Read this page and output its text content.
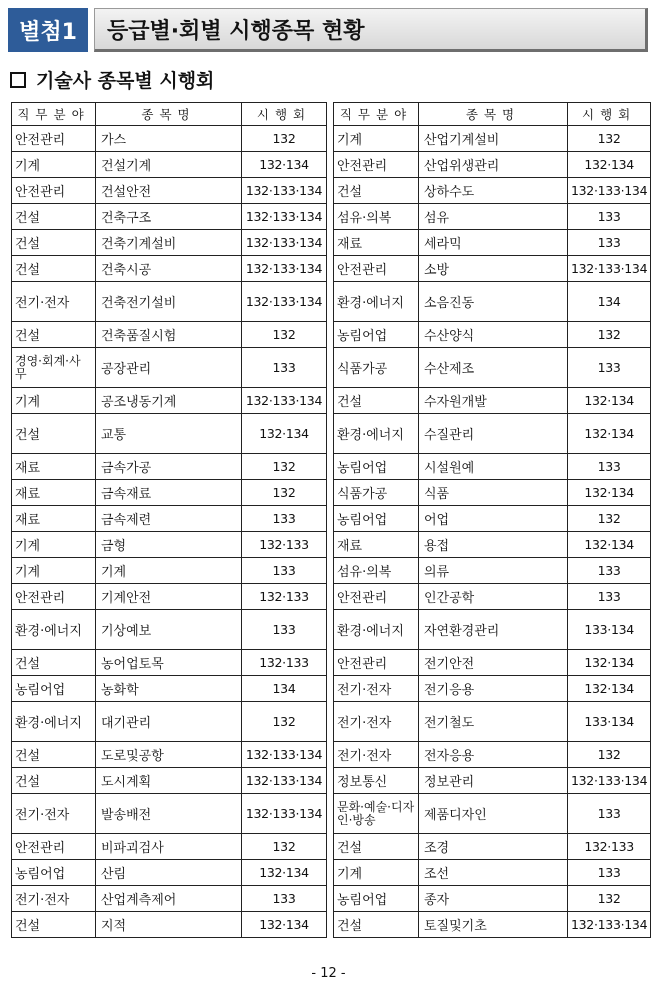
별첨1	등급별·회별 시행종목 현황
기술사 종목별 시행회
직무분야	종목명	시행회
안전관리	가스	132
기계	건설기계	132·134
안전관리	건설안전	132·133·134
건설	건축구조	132·133·134
건설	건축기계설비	132·133·134
건설	건축시공	132·133·134
전기·전자	건축전기설비	132·133·134
건설	건축품질시험	132
경영·회계·사무	공장관리	133
기계	공조냉동기계	132·133·134
건설	교통	132·134
재료	금속가공	132
재료	금속재료	132
재료	금속제련	133
기계	금형	132·133
기계	기계	133
안전관리	기계안전	132·133
환경·에너지	기상예보	133
건설	농어업토목	132·133
농림어업	농화학	134
환경·에너지	대기관리	132
건설	도로및공항	132·133·134
건설	도시계획	132·133·134
전기·전자	발송배전	132·133·134
안전관리	비파괴검사	132
농림어업	산림	132·134
전기·전자	산업계측제어	133
건설	지적	132·134
직무분야	종목명	시행회
기계	산업기계설비	132
안전관리	산업위생관리	132·134
건설	상하수도	132·133·134
섬유·의복	섬유	133
재료	세라믹	133
안전관리	소방	132·133·134
환경·에너지	소음진동	134
농림어업	수산양식	132
식품가공	수산제조	133
건설	수자원개발	132·134
환경·에너지	수질관리	132·134
농림어업	시설원예	133
식품가공	식품	132·134
농림어업	어업	132
재료	용접	132·134
섬유·의복	의류	133
안전관리	인간공학	133
환경·에너지	자연환경관리	133·134
안전관리	전기안전	132·134
전기·전자	전기응용	132·134
전기·전자	전기철도	133·134
전기·전자	전자응용	132
정보통신	정보관리	132·133·134
문화·예술·디자인·방송	제품디자인	133
건설	조경	132·133
기계	조선	133
농림어업	종자	132
건설	토질및기초	132·133·134
- 12 -
